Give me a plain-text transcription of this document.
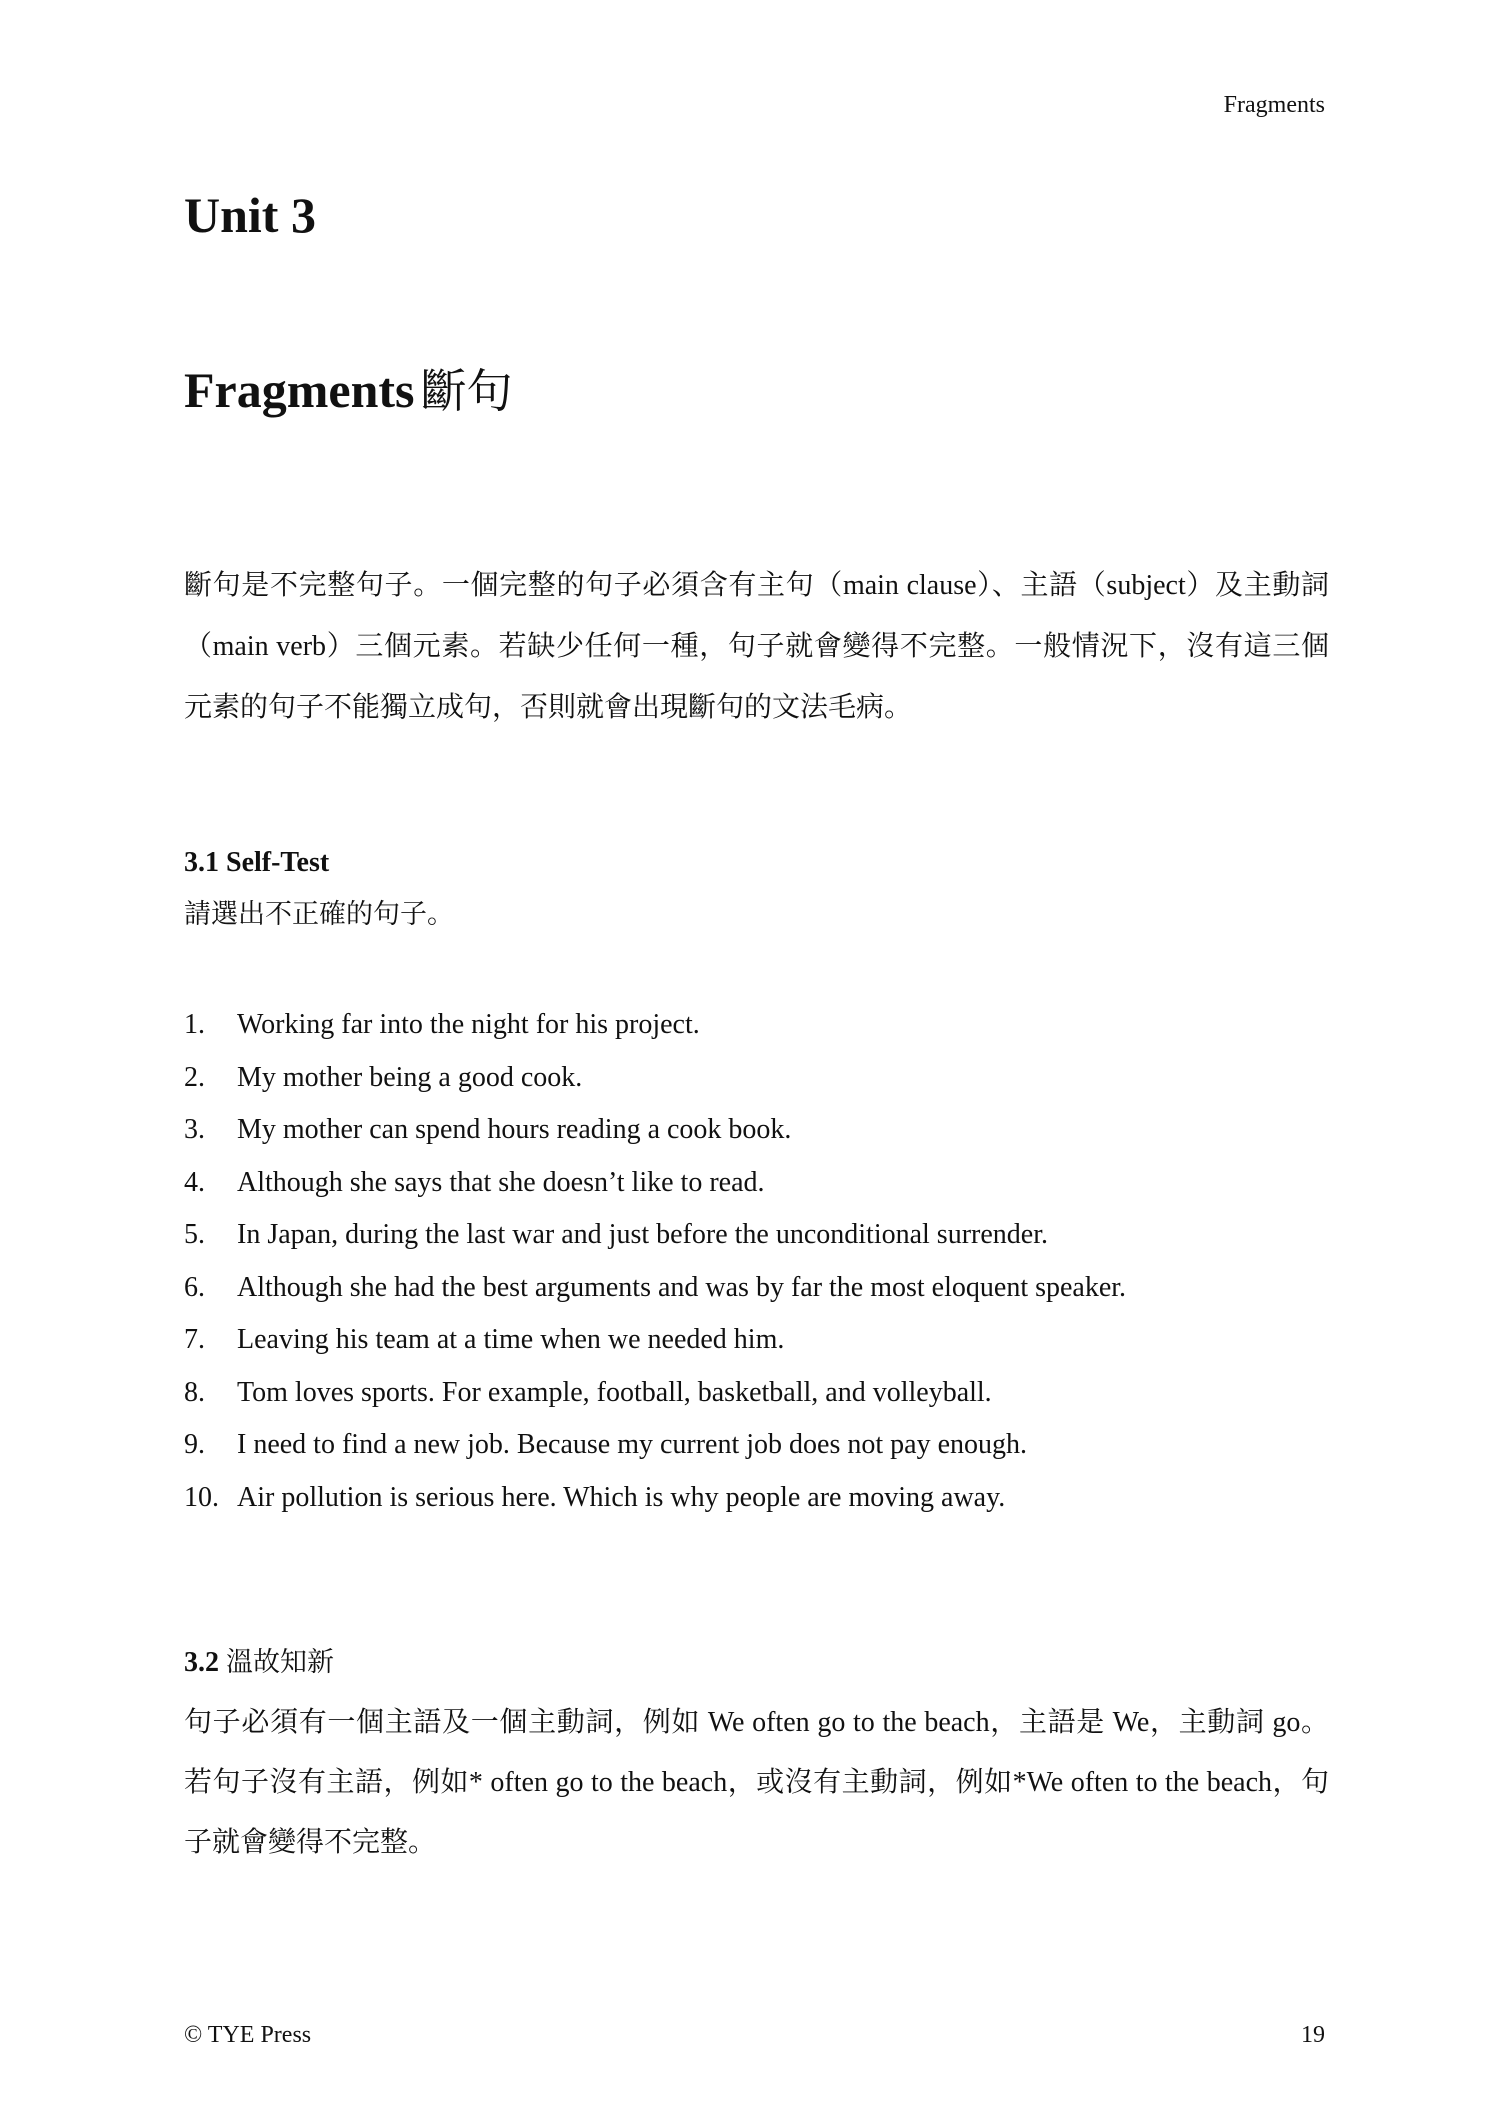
Fragments
Unit 3
Fragments 斷句

斷句是不完整句子。一個完整的句子必須含有主句（main clause）、主語（subject）及主動詞（main verb）三個元素。若缺少任何一種，句子就會變得不完整。一般情況下，沒有這三個元素的句子不能獨立成句，否則就會出現斷句的文法毛病。

3.1 Self-Test

請選出不正確的句子。

1.	Working far into the night for his project.
2.	My mother being a good cook.
3.	My mother can spend hours reading a cook book.
4.	Although she says that she doesn’t like to read.
5.	In Japan, during the last war and just before the unconditional surrender.
6.	Although she had the best arguments and was by far the most eloquent speaker.
7.	Leaving his team at a time when we needed him.
8.	Tom loves sports. For example, football, basketball, and volleyball.
9.	I need to find a new job. Because my current job does not pay enough.
10. Air pollution is serious here. Which is why people are moving away.
3.2 溫故知新

句子必須有一個主語及一個主動詞，例如 We often go to the beach，主語是 We，主動詞 go。若句子沒有主語，例如* often go to the beach，或沒有主動詞，例如*We often to the beach，句子就會變得不完整。

© TYE Press	19
